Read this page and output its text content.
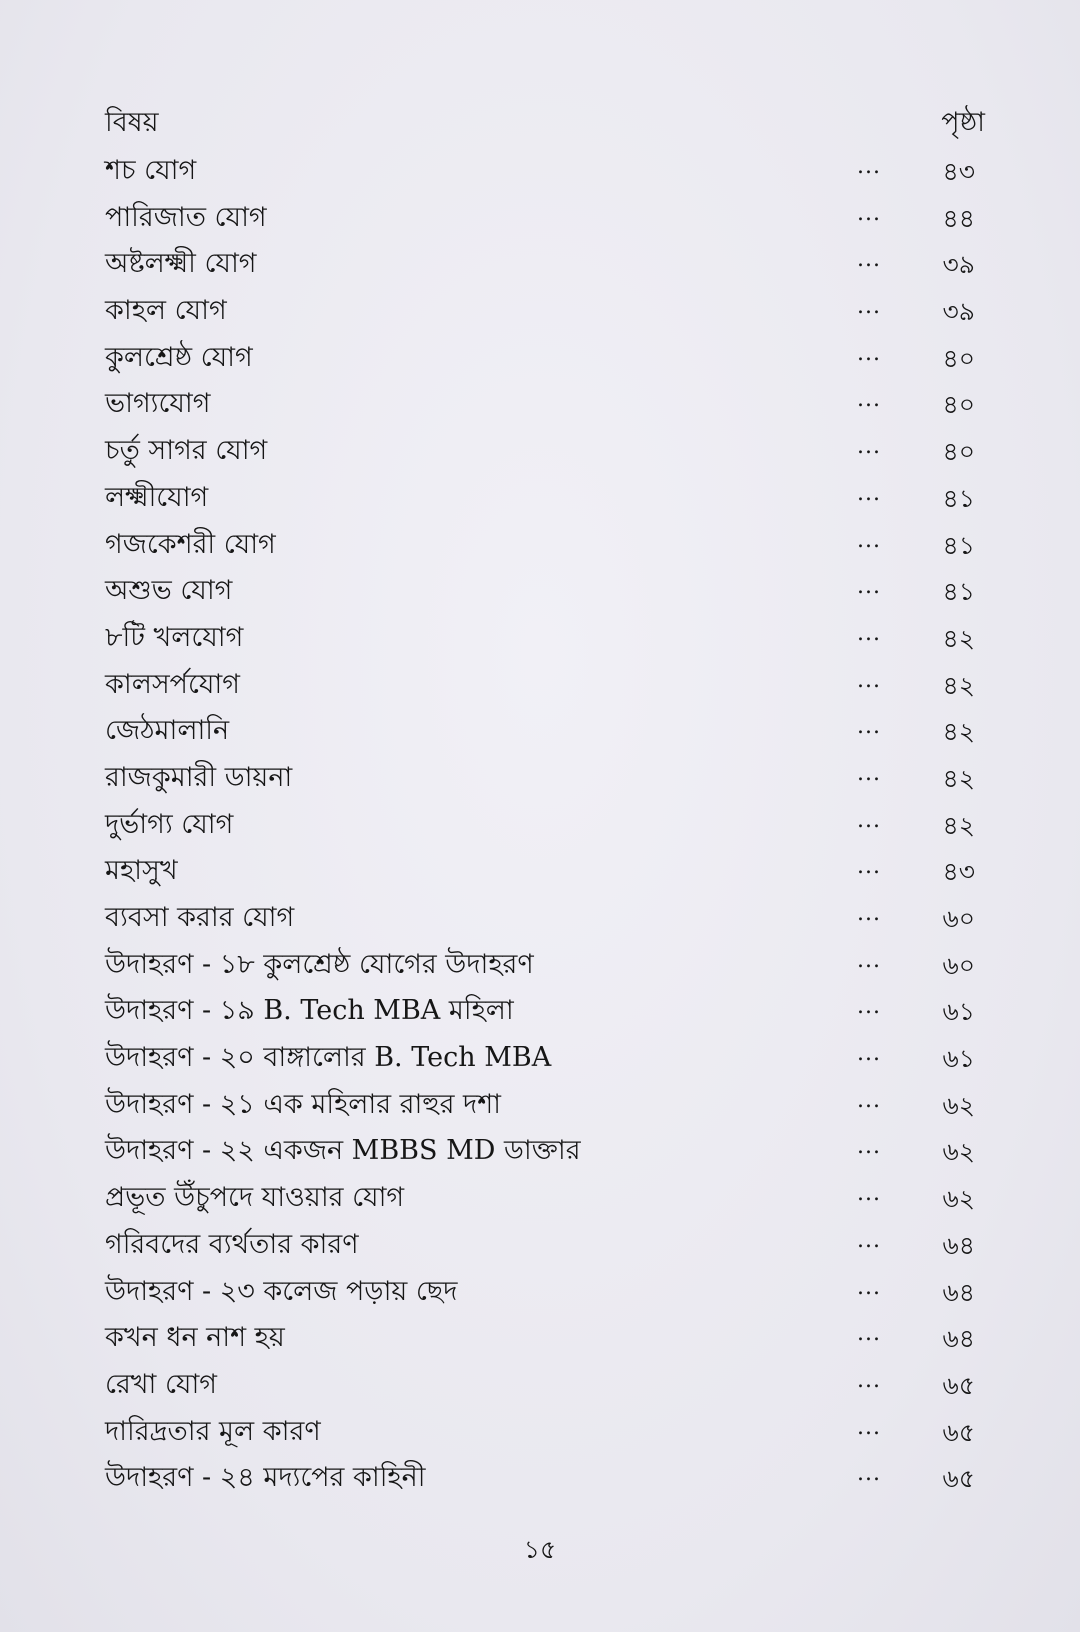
বিষয়	পৃষ্ঠা
শচ যোগ	... ৪৩
পারিজাত যোগ	... ৪৪
অষ্টলক্ষ্মী যোগ	... ৩৯
কাহল যোগ	... ৩৯
কুলশ্রেষ্ঠ যোগ	... ৪০
ভাগ্যযোগ	... ৪০
চর্তু সাগর যোগ	... ৪০
লক্ষ্মীযোগ	... ৪১
গজকেশরী যোগ	... ৪১
অশুভ যোগ	... ৪১
৮টি খলযোগ	... ৪২
কালসর্পযোগ	... ৪২
জেঠমালানি	... ৪২
রাজকুমারী ডায়না	... ৪২
দুর্ভাগ্য যোগ	... ৪২
মহাসুখ	... ৪৩
ব্যবসা করার যোগ	... ৬০
উদাহরণ - ১৮ কুলশ্রেষ্ঠ যোগের উদাহরণ	... ৬০
উদাহরণ - ১৯ B. Tech MBA মহিলা	... ৬১
উদাহরণ - ২০ বাঙ্গালোর B. Tech MBA	... ৬১
উদাহরণ - ২১ এক মহিলার রাহুর দশা	... ৬২
উদাহরণ - ২২ একজন MBBS MD ডাক্তার	... ৬২
প্রভূত উঁচুপদে যাওয়ার যোগ	... ৬২
গরিবদের ব্যর্থতার কারণ	... ৬৪
উদাহরণ - ২৩ কলেজ পড়ায় ছেদ	... ৬৪
কখন ধন নাশ হয়	... ৬৪
রেখা যোগ	... ৬৫
দারিদ্রতার মূল কারণ	... ৬৫
উদাহরণ - ২৪ মদ্যপের কাহিনী	... ৬৫
১৫
